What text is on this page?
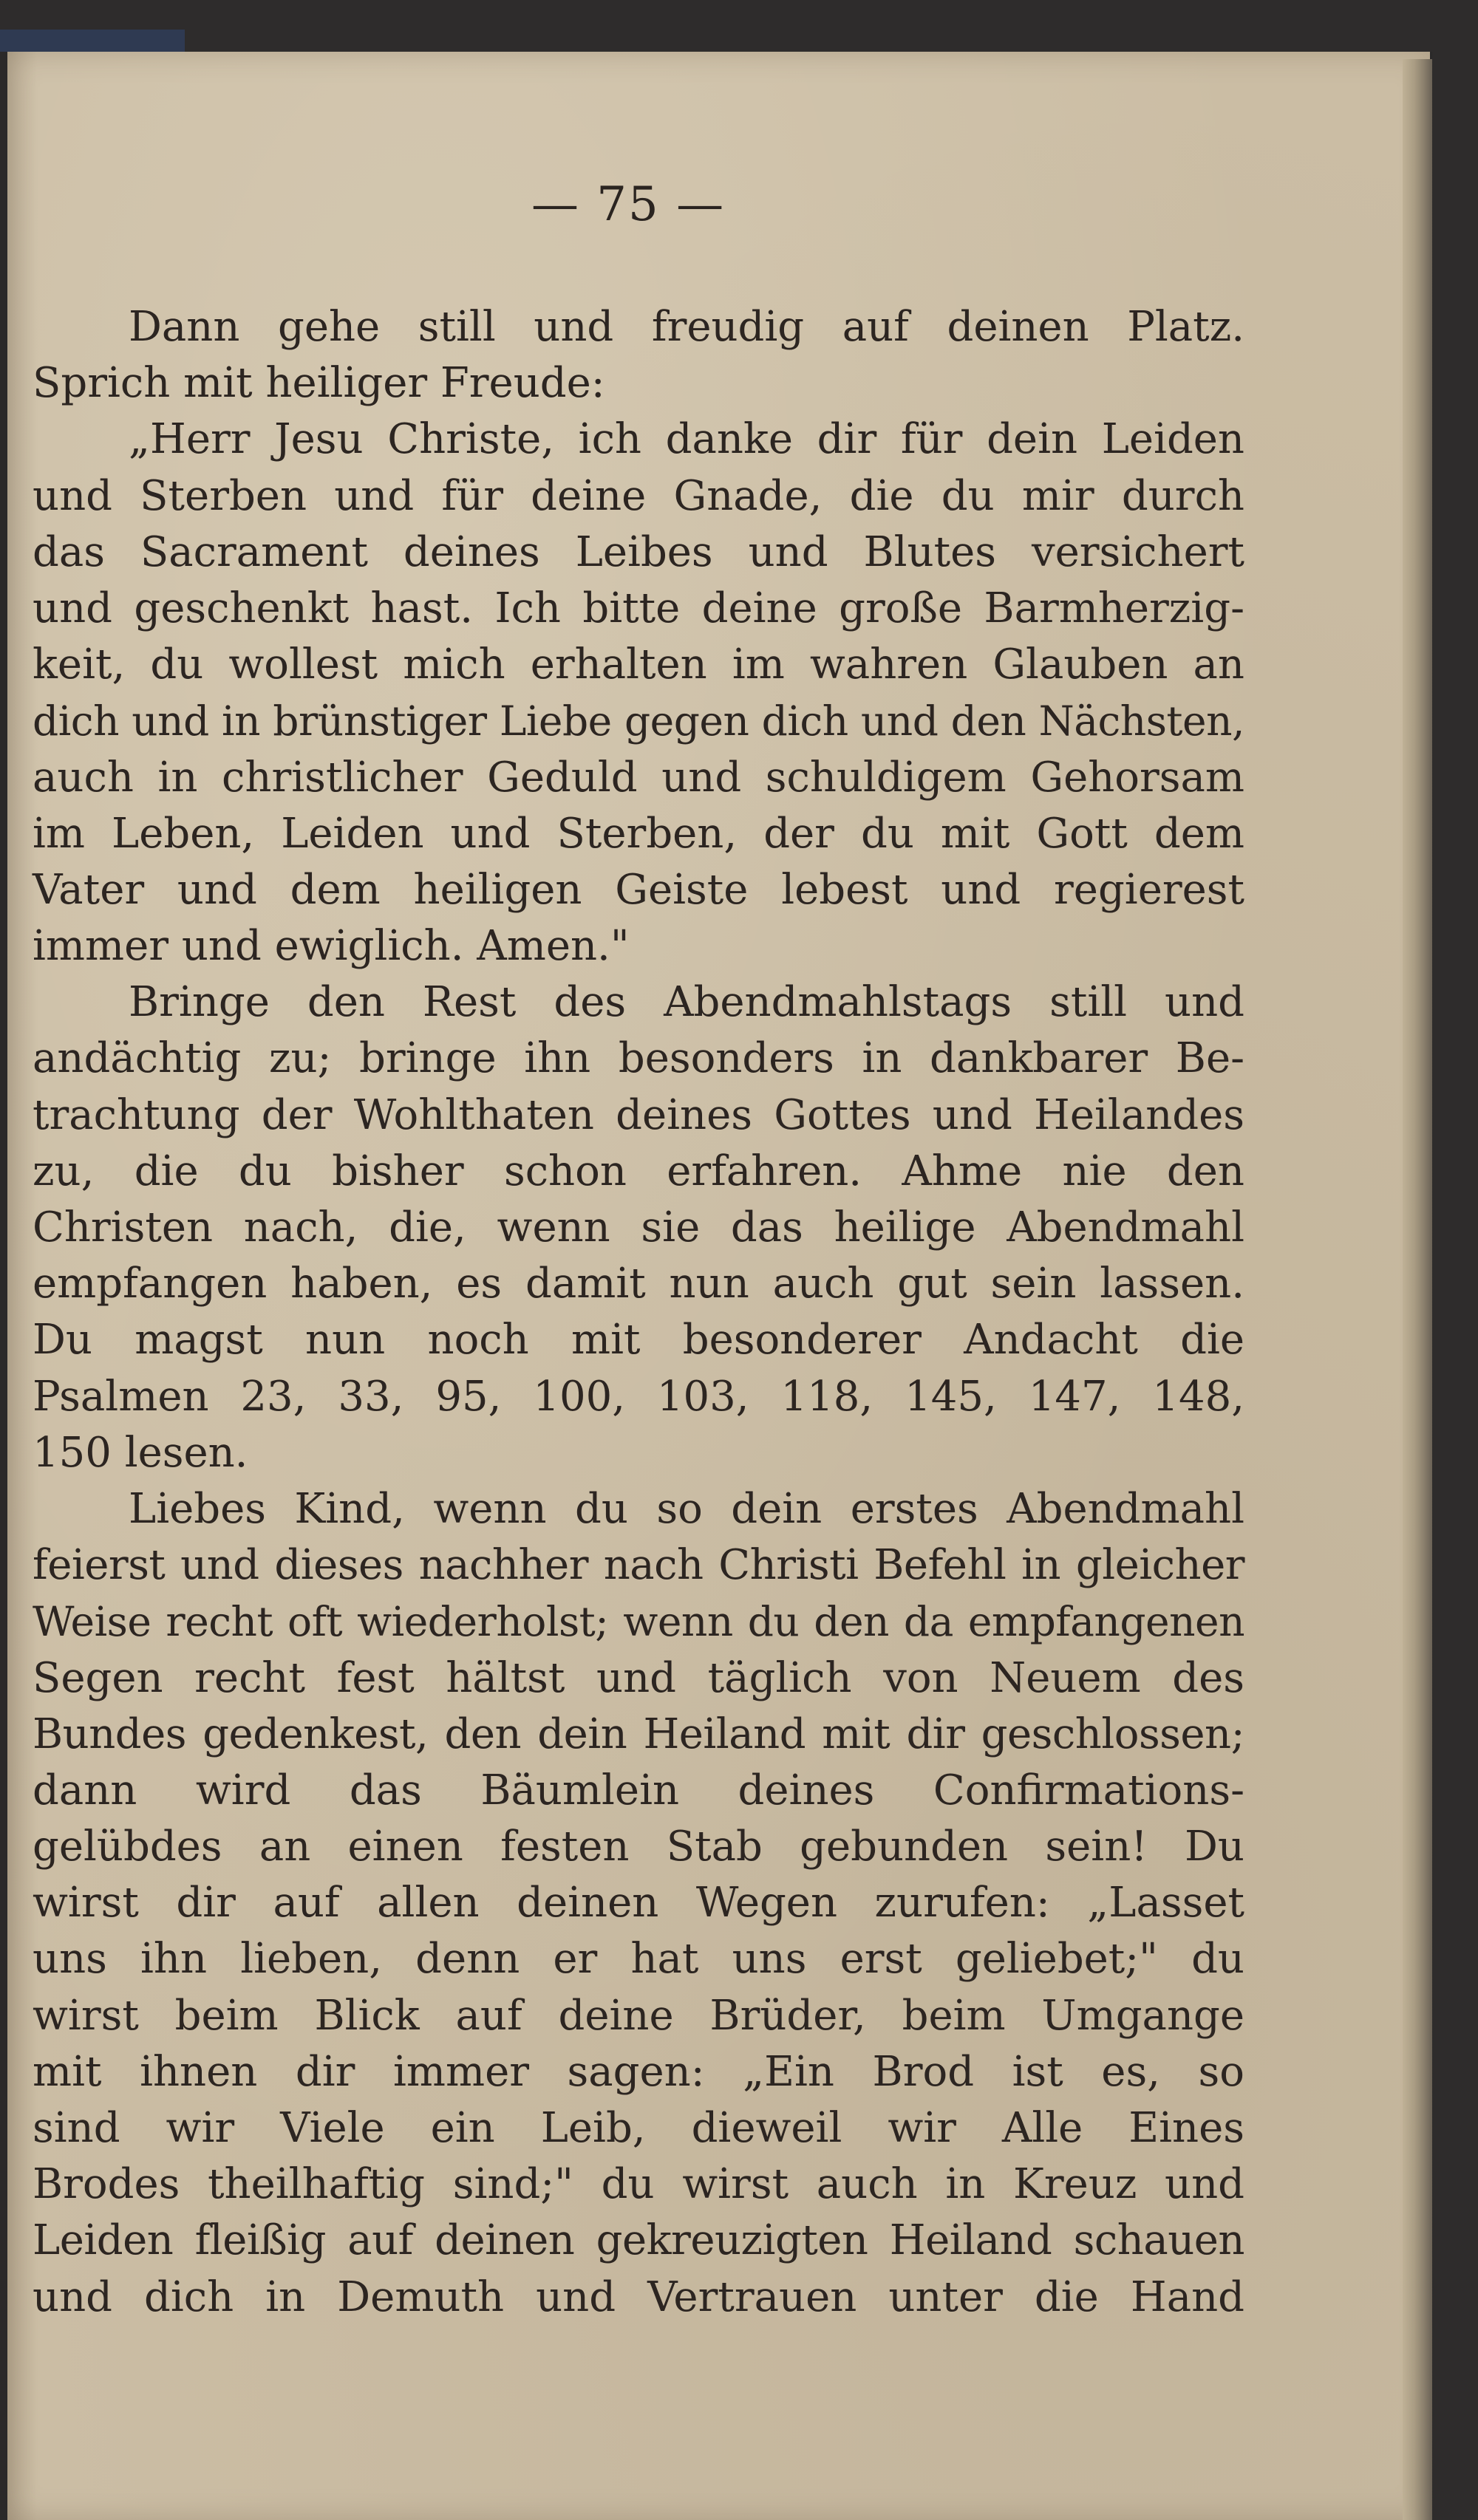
— 75 —
Dann gehe still und freudig auf deinen Platz.
Sprich mit heiliger Freude:
„Herr Jesu Christe, ich danke dir für dein Leiden
und Sterben und für deine Gnade, die du mir durch
das Sacrament deines Leibes und Blutes versichert
und geschenkt hast. Ich bitte deine große Barmherzig-
keit, du wollest mich erhalten im wahren Glauben an
dich und in brünstiger Liebe gegen dich und den Nächsten,
auch in christlicher Geduld und schuldigem Gehorsam
im Leben, Leiden und Sterben, der du mit Gott dem
Vater und dem heiligen Geiste lebest und regierest
immer und ewiglich. Amen."
Bringe den Rest des Abendmahlstags still und
andächtig zu; bringe ihn besonders in dankbarer Be-
trachtung der Wohlthaten deines Gottes und Heilandes
zu, die du bisher schon erfahren. Ahme nie den
Christen nach, die, wenn sie das heilige Abendmahl
empfangen haben, es damit nun auch gut sein lassen.
Du magst nun noch mit besonderer Andacht die
Psalmen 23, 33, 95, 100, 103, 118, 145, 147, 148,
150 lesen.
Liebes Kind, wenn du so dein erstes Abendmahl
feierst und dieses nachher nach Christi Befehl in gleicher
Weise recht oft wiederholst; wenn du den da empfangenen
Segen recht fest hältst und täglich von Neuem des
Bundes gedenkest, den dein Heiland mit dir geschlossen;
dann wird das Bäumlein deines Confirmations-
gelübdes an einen festen Stab gebunden sein! Du
wirst dir auf allen deinen Wegen zurufen: „Lasset
uns ihn lieben, denn er hat uns erst geliebet;" du
wirst beim Blick auf deine Brüder, beim Umgange
mit ihnen dir immer sagen: „Ein Brod ist es, so
sind wir Viele ein Leib, dieweil wir Alle Eines
Brodes theilhaftig sind;" du wirst auch in Kreuz und
Leiden fleißig auf deinen gekreuzigten Heiland schauen
und dich in Demuth und Vertrauen unter die Hand
